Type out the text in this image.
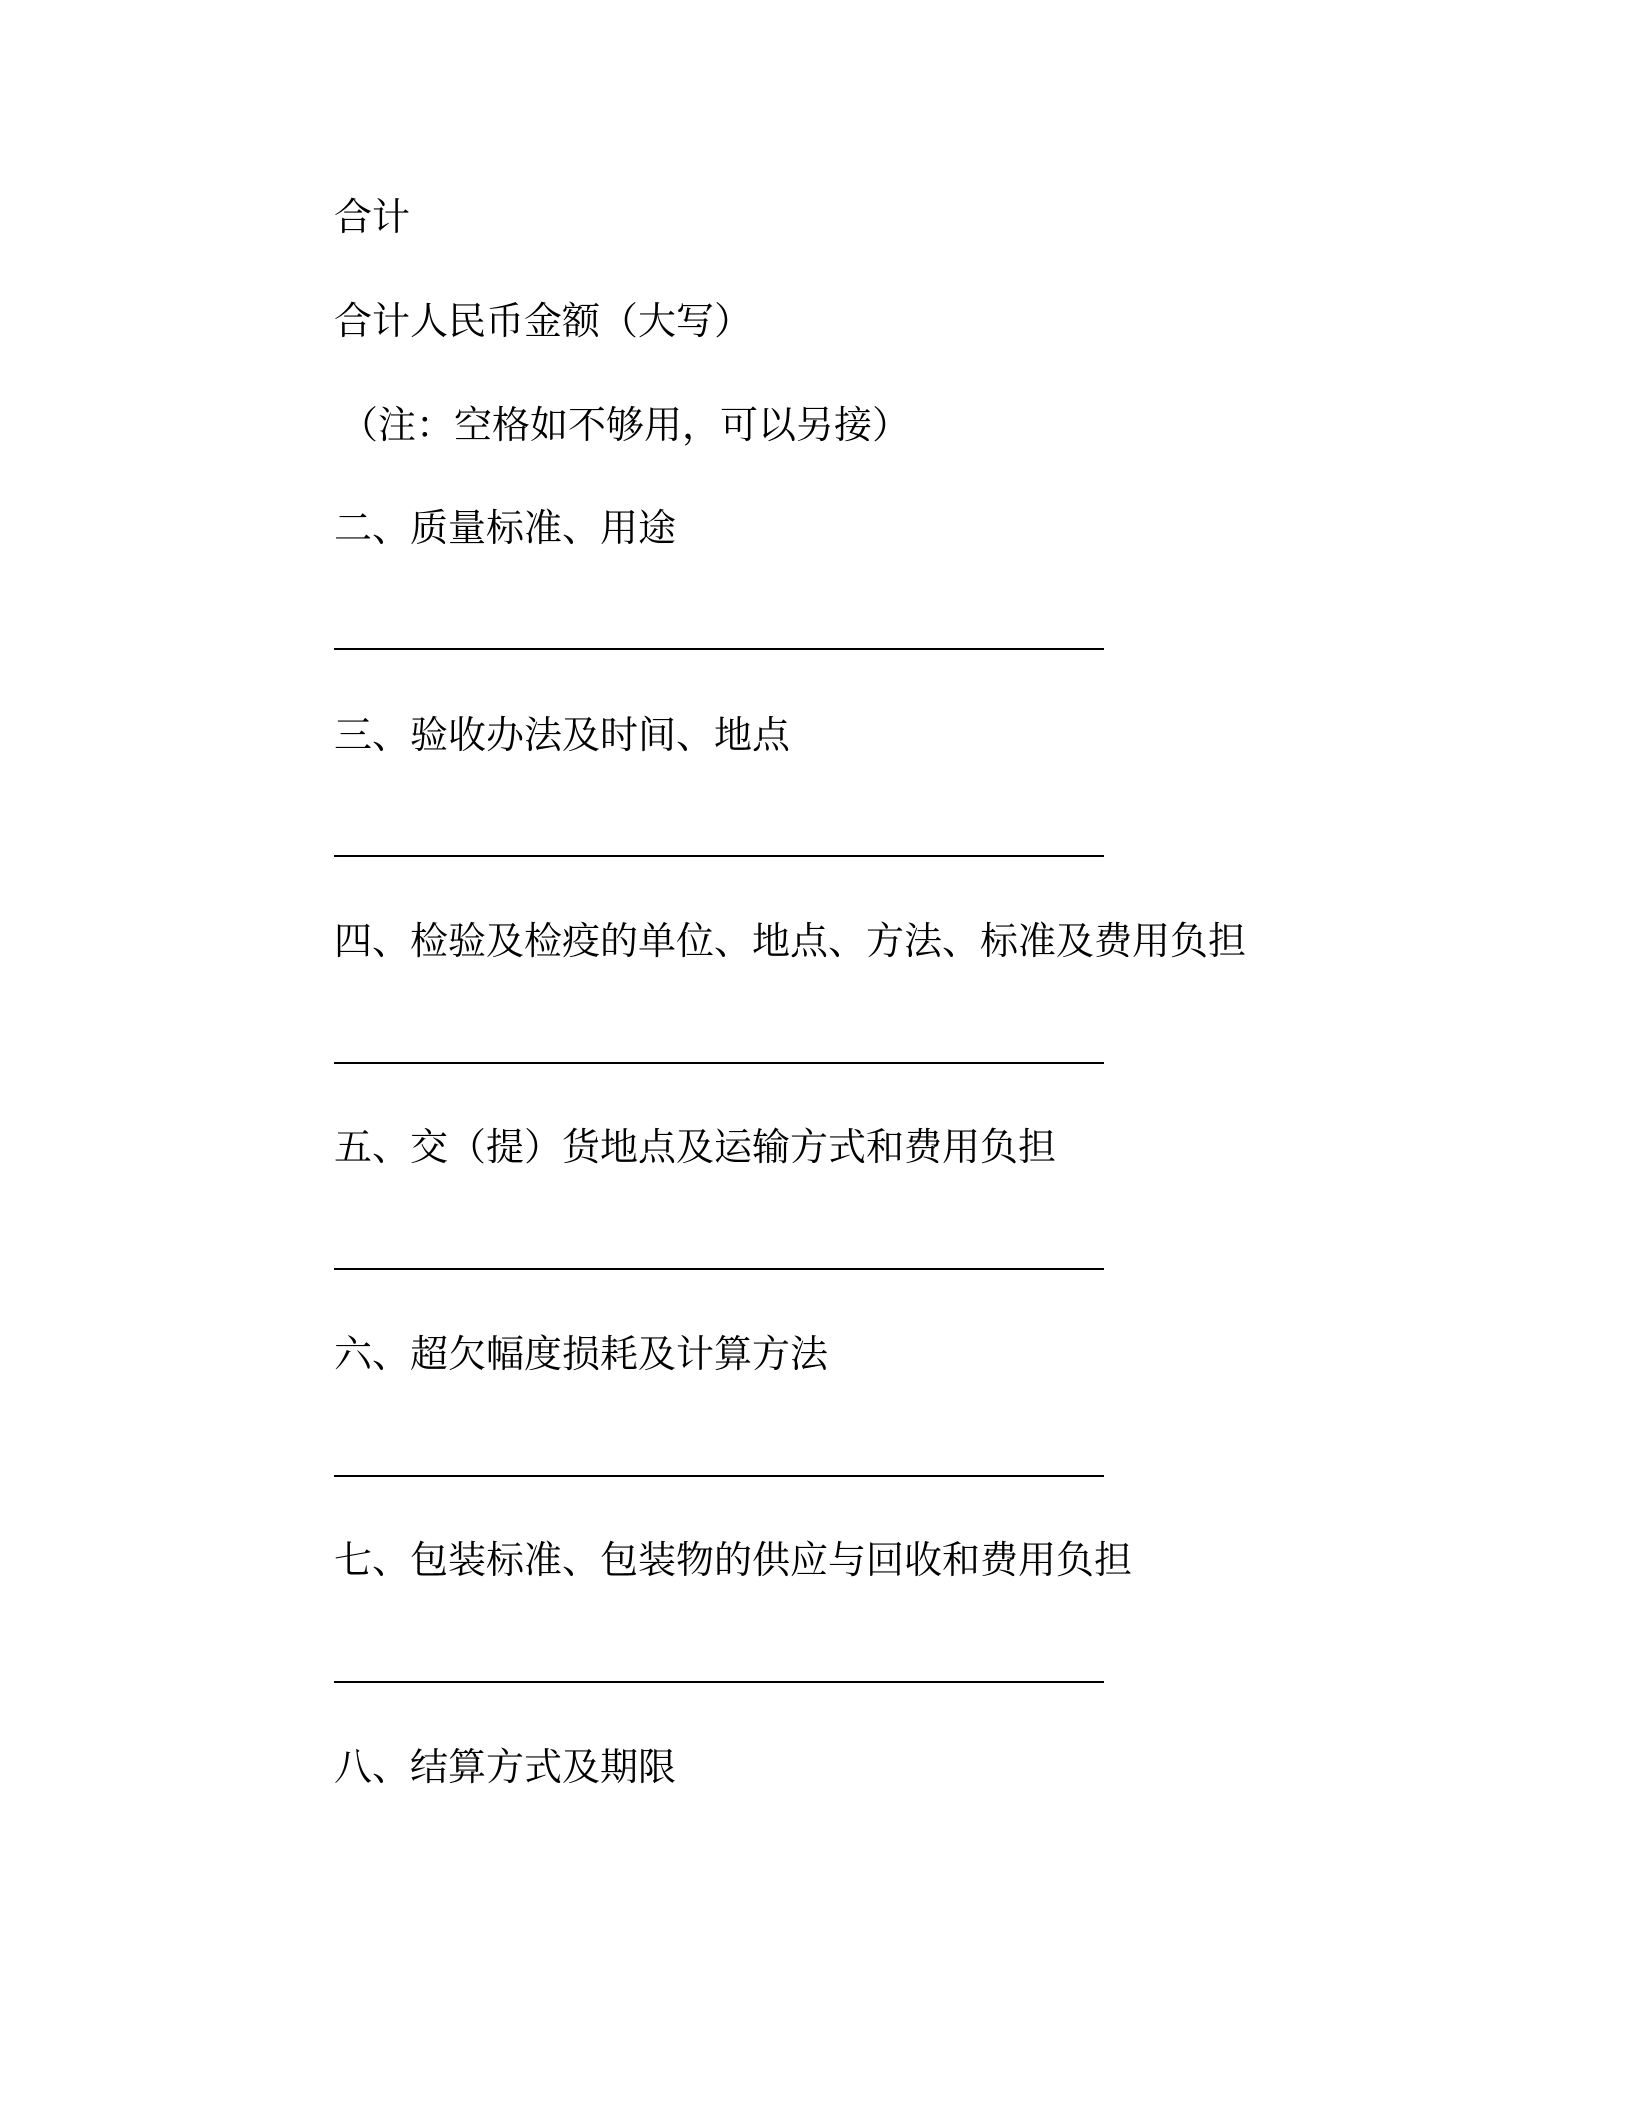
合计
合计人民币金额（大写）
（注：空格如不够用，可以另接）
二、质量标准、用途
三、验收办法及时间、地点
四、检验及检疫的单位、地点、方法、标准及费用负担
五、交（提）货地点及运输方式和费用负担
六、超欠幅度损耗及计算方法
七、包装标准、包装物的供应与回收和费用负担
八、结算方式及期限
